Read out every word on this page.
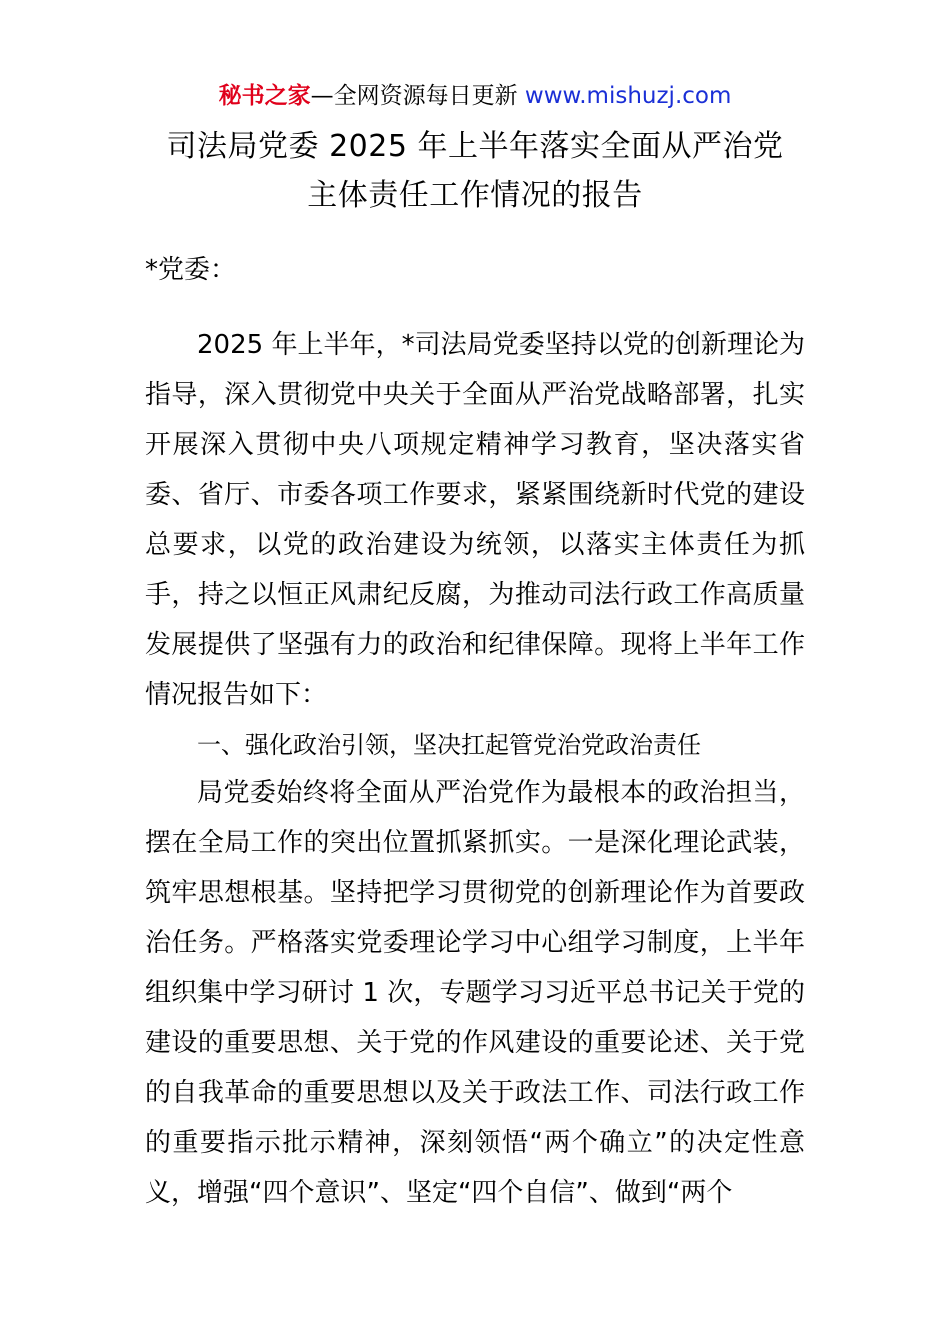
秘书之家—全网资源每日更新 www.mishuzj.com
司法局党委 2025 年上半年落实全面从严治党
主体责任工作情况的报告

*党委：

2025 年上半年，*司法局党委坚持以党的创新理论为指导，深入贯彻党中央关于全面从严治党战略部署，扎实开展深入贯彻中央八项规定精神学习教育，坚决落实省委、省厅、市委各项工作要求，紧紧围绕新时代党的建设总要求，以党的政治建设为统领，以落实主体责任为抓手，持之以恒正风肃纪反腐，为推动司法行政工作高质量发展提供了坚强有力的政治和纪律保障。现将上半年工作情况报告如下：

一、强化政治引领，坚决扛起管党治党政治责任

局党委始终将全面从严治党作为最根本的政治担当，摆在全局工作的突出位置抓紧抓实。一是深化理论武装，筑牢思想根基。坚持把学习贯彻党的创新理论作为首要政治任务。严格落实党委理论学习中心组学习制度，上半年组织集中学习研讨 1 次，专题学习习近平总书记关于党的建设的重要思想、关于党的作风建设的重要论述、关于党的自我革命的重要思想以及关于政法工作、司法行政工作的重要指示批示精神，深刻领悟“两个确立”的决定性意义，增强“四个意识”、坚定“四个自信”、做到“两个
